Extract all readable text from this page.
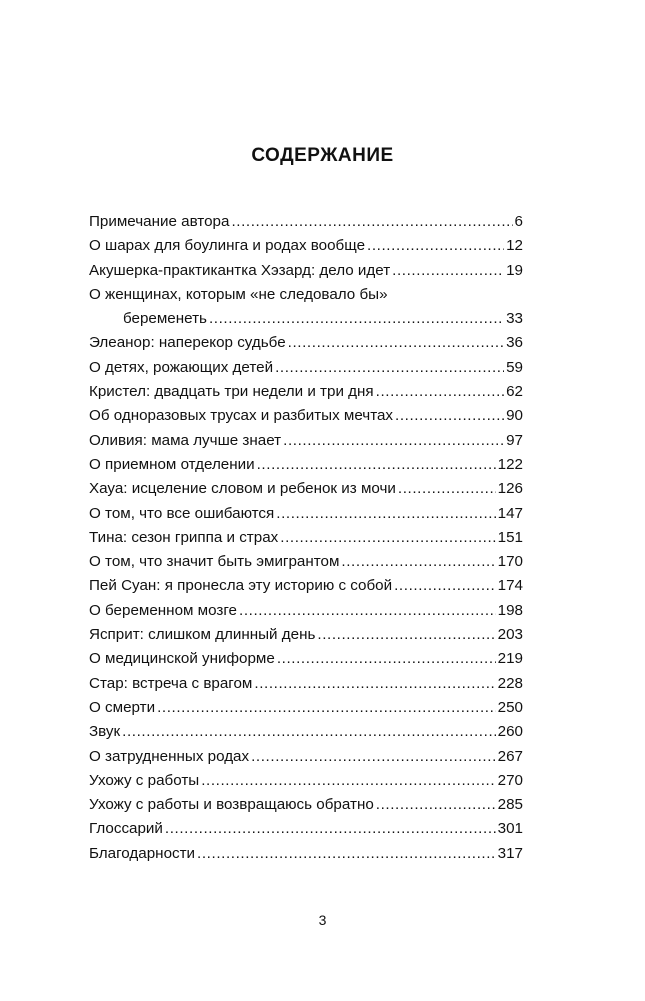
СОДЕРЖАНИЕ
Примечание автора .....	6
О шарах для боулинга и родах вообще .....	12
Акушерка-практикантка Хэзард: дело идет .....	19
О женщинах, которым «не следовало бы»
беременеть .....	33
Элеанор: наперекор судьбе .....	36
О детях, рожающих детей .....	59
Кристел: двадцать три недели и три дня .....	62
Об одноразовых трусах и разбитых мечтах .....	90
Оливия: мама лучше знает .....	97
О приемном отделении .....	122
Хауа: исцеление словом и ребенок из мочи .....	126
О том, что все ошибаются .....	147
Тина: сезон гриппа и страх .....	151
О том, что значит быть эмигрантом .....	170
Пей Суан: я пронесла эту историю с собой .....	174
О беременном мозге .....	198
Ясприт: слишком длинный день .....	203
О медицинской униформе .....	219
Стар: встреча с врагом .....	228
О смерти .....	250
Звук .....	260
О затрудненных родах .....	267
Ухожу с работы .....	270
Ухожу с работы и возвращаюсь обратно .....	285
Глоссарий .....	301
Благодарности .....	317
3
